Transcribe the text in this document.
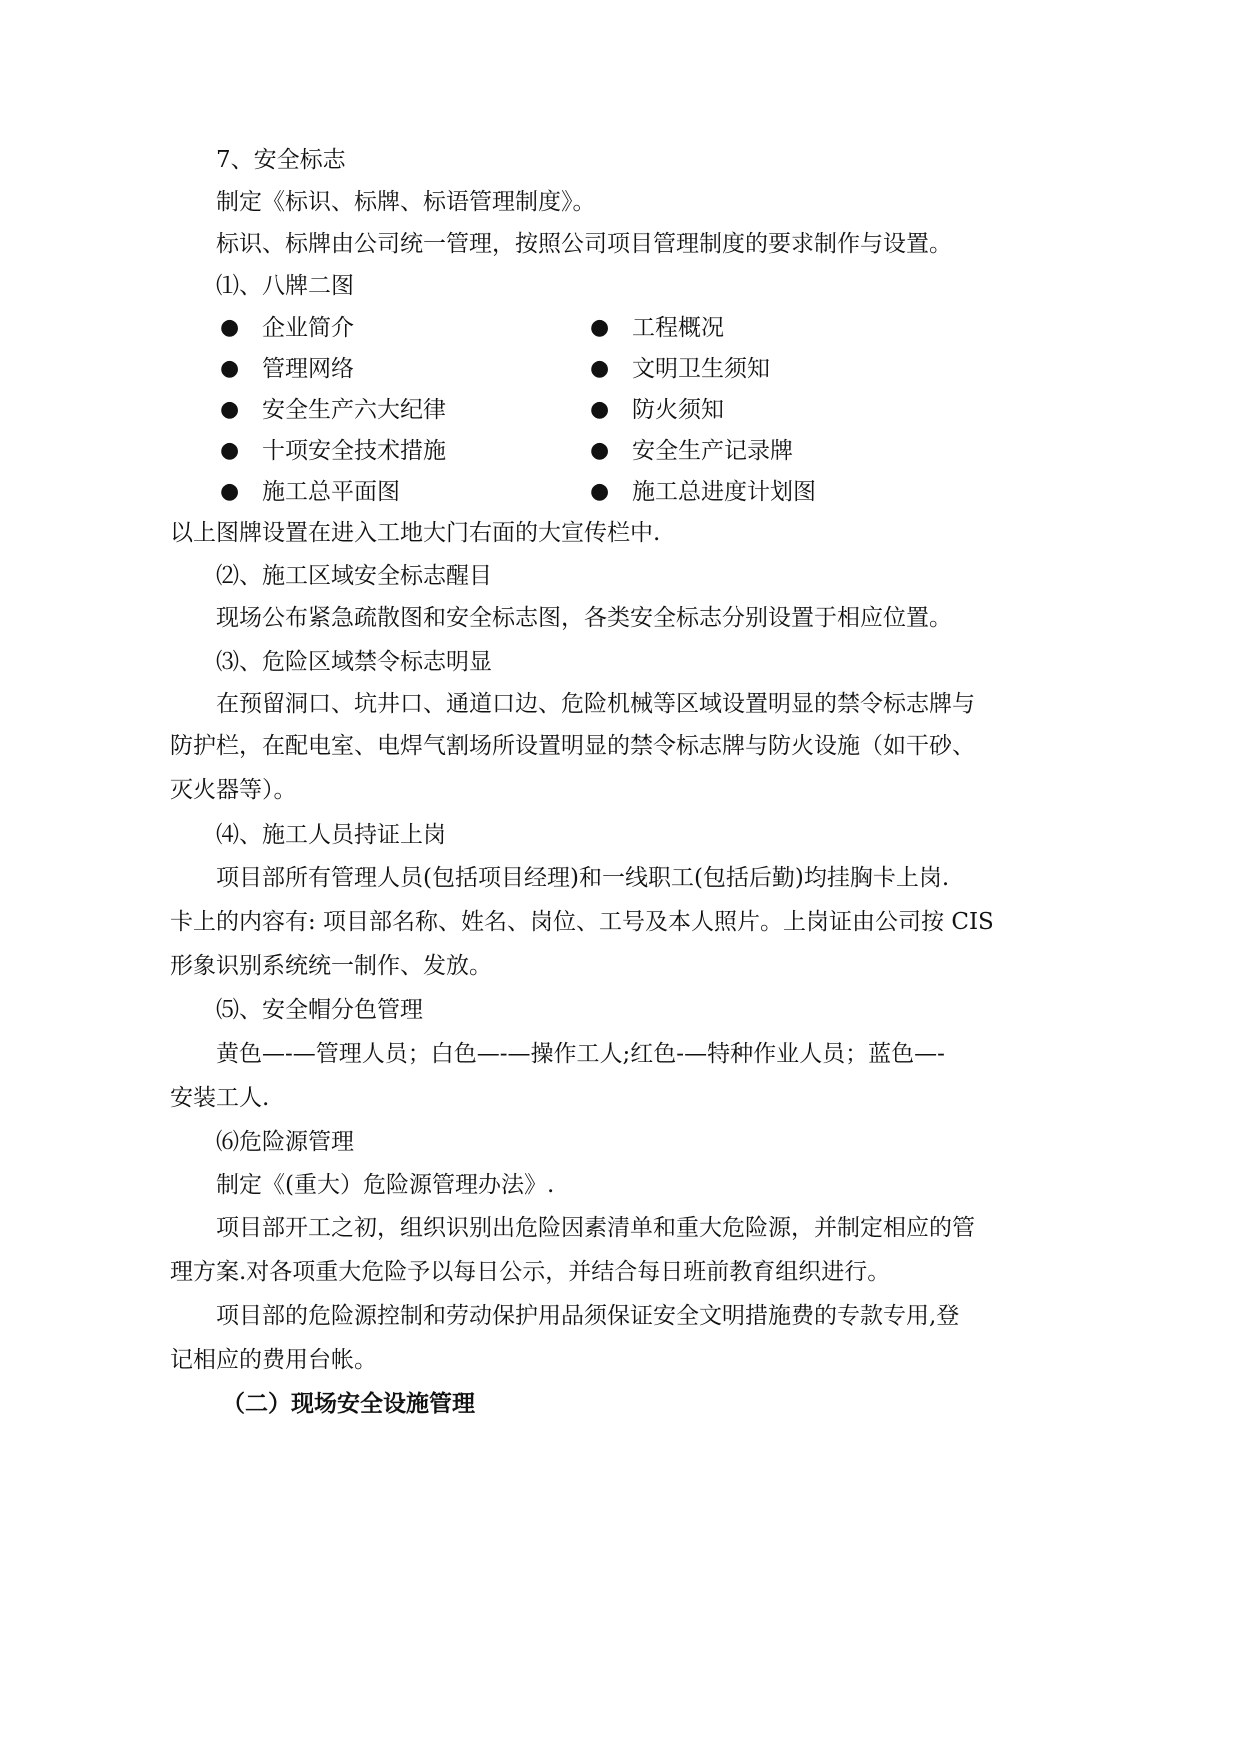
7、安全标志
制定《标识、标牌、标语管理制度》。
标识、标牌由公司统一管理，按照公司项目管理制度的要求制作与设置。
⑴、八牌二图
● 企业简介
● 管理网络
● 安全生产六大纪律
● 十项安全技术措施
● 施工总平面图
● 工程概况
● 文明卫生须知
● 防火须知
● 安全生产记录牌
● 施工总进度计划图
以上图牌设置在进入工地大门右面的大宣传栏中.
⑵、施工区域安全标志醒目
现场公布紧急疏散图和安全标志图，各类安全标志分别设置于相应位置。
⑶、危险区域禁令标志明显
在预留洞口、坑井口、通道口边、危险机械等区域设置明显的禁令标志牌与
防护栏，在配电室、电焊气割场所设置明显的禁令标志牌与防火设施（如干砂、
灭火器等）。
⑷、施工人员持证上岗
项目部所有管理人员(包括项目经理)和一线职工(包括后勤)均挂胸卡上岗.
卡上的内容有: 项目部名称、姓名、岗位、工号及本人照片。上岗证由公司按 CIS
形象识别系统统一制作、发放。
⑸、安全帽分色管理
黄色—-—管理人员；白色—-—操作工人;红色-—特种作业人员；蓝色—-
安装工人.
⑹危险源管理
制定《(重大）危险源管理办法》.
项目部开工之初，组织识别出危险因素清单和重大危险源，并制定相应的管
理方案.对各项重大危险予以每日公示，并结合每日班前教育组织进行。
项目部的危险源控制和劳动保护用品须保证安全文明措施费的专款专用,登
记相应的费用台帐。
（二）现场安全设施管理
